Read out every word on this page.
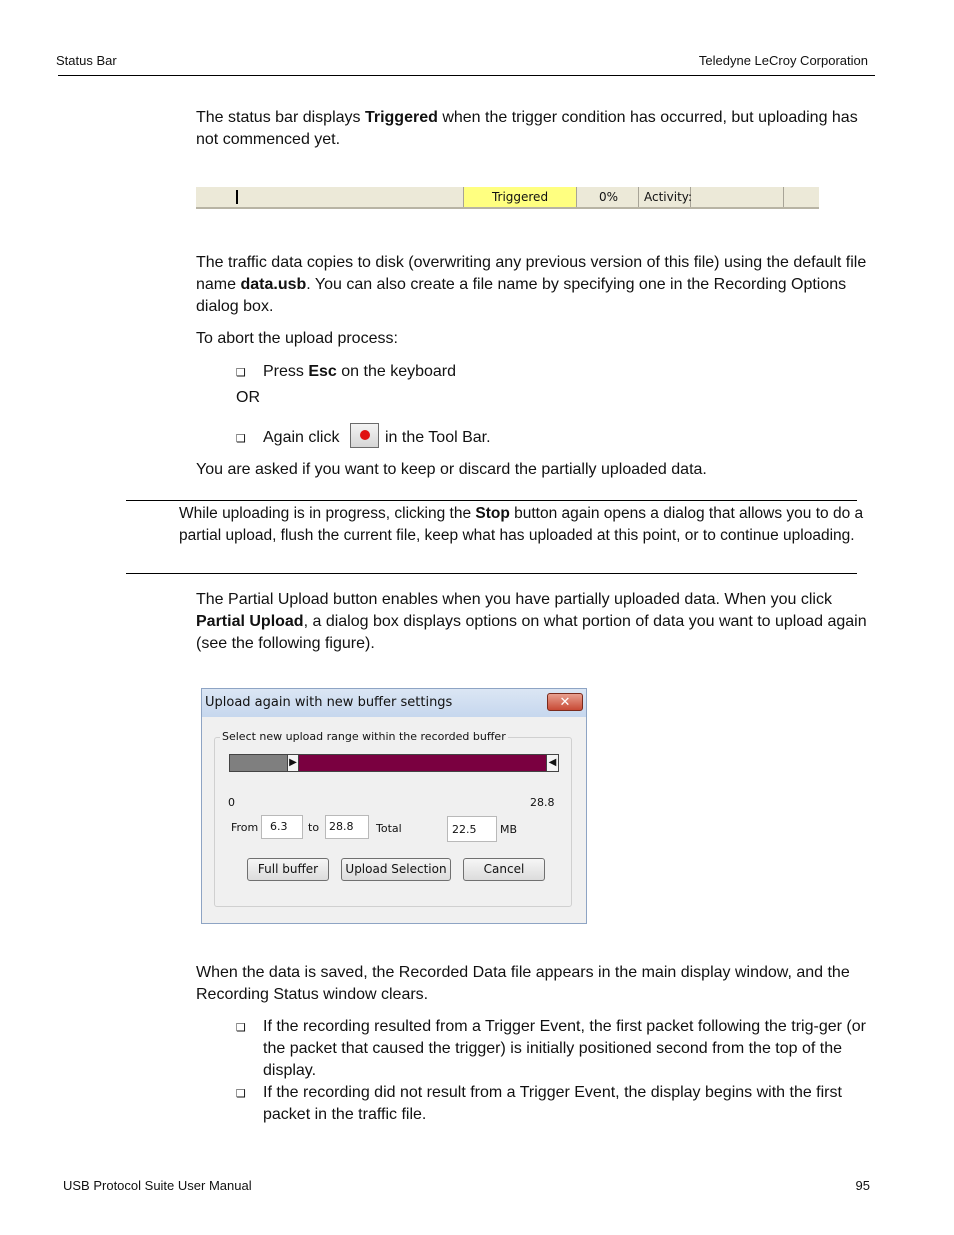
Status Bar	Teledyne LeCroy Corporation
The status bar displays Triggered when the trigger condition has occurred, but uploading has not commenced yet.
Triggered	0%	Activity:
The traffic data copies to disk (overwriting any previous version of this file) using the default file name data.usb. You can also create a file name by specifying one in the Recording Options dialog box.
To abort the upload process:
❑ Press Esc on the keyboard
OR
❑ Again click	in the Tool Bar.
You are asked if you want to keep or discard the partially uploaded data.
While uploading is in progress, clicking the Stop button again opens a dialog that allows you to do a partial upload, flush the current file, keep what has uploaded at this point, or to continue uploading.
The Partial Upload button enables when you have partially uploaded data. When you click Partial Upload, a dialog box displays options on what portion of data you want to upload again (see the following figure).
Upload again with new buffer settings	✕
Select new upload range within the recorded buffer
▶	◀
0	28.8
From	6.3	to 28.8	Total	22.5	MB
Full buffer	Upload Selection	Cancel
When the data is saved, the Recorded Data file appears in the main display window, and the Recording Status window clears.
❑ If the recording resulted from a Trigger Event, the first packet following the trig-ger (or the packet that caused the trigger) is initially positioned second from the top of the display.
❑ If the recording did not result from a Trigger Event, the display begins with the first packet in the traffic file.
USB Protocol Suite User Manual	95
